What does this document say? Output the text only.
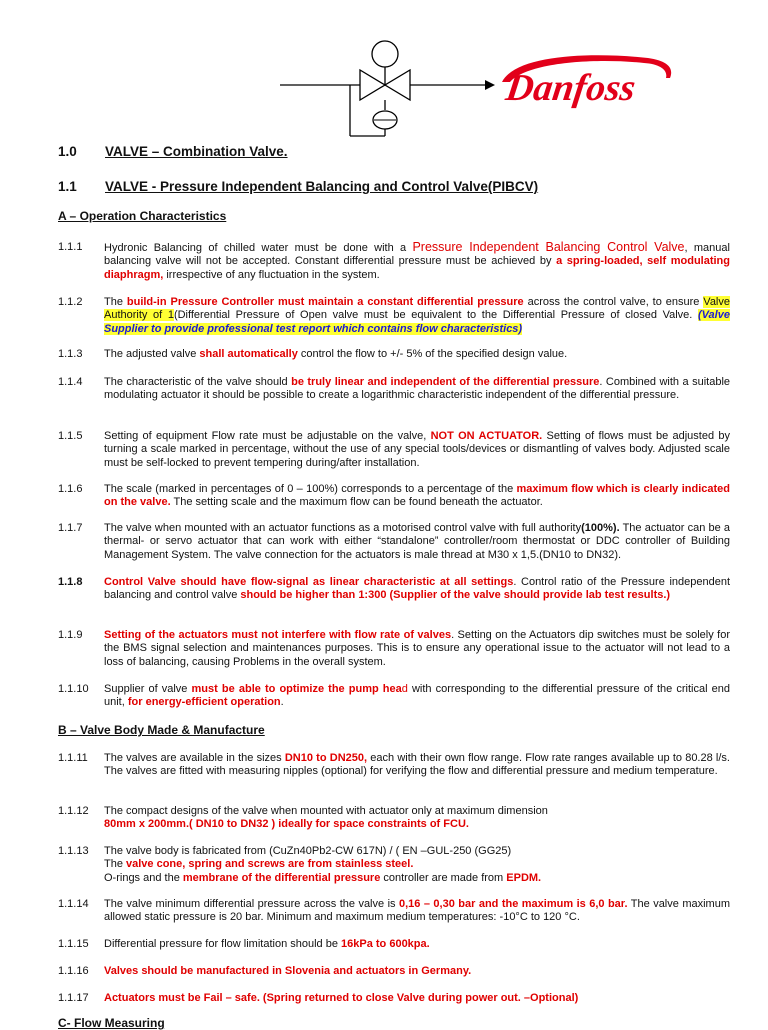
Danfoss
1.0 VALVE – Combination Valve.
1.1 VALVE - Pressure Independent Balancing and Control Valve(PIBCV)
A – Operation Characteristics
1.1.1 Hydronic Balancing of chilled water must be done with a Pressure Independent Balancing Control Valve, manual balancing valve will not be accepted. Constant differential pressure must be achieved by a spring-loaded, self modulating diaphragm, irrespective of any fluctuation in the system.
1.1.2 The build-in Pressure Controller must maintain a constant differential pressure across the control valve, to ensure Valve Authority of 1(Differential Pressure of Open valve must be equivalent to the Differential Pressure of closed Valve. (Valve Supplier to provide professional test report which contains flow characteristics)
1.1.3 The adjusted valve shall automatically control the flow to +/- 5% of the specified design value.
1.1.4 The characteristic of the valve should be truly linear and independent of the differential pressure. Combined with a suitable modulating actuator it should be possible to create a logarithmic characteristic independent of the differential pressure.
1.1.5 Setting of equipment Flow rate must be adjustable on the valve, NOT ON ACTUATOR. Setting of flows must be adjusted by turning a scale marked in percentage, without the use of any special tools/devices or dismantling of valves body. Adjusted scale must be self-locked to prevent tempering during/after installation.
1.1.6 The scale (marked in percentages of 0 – 100%) corresponds to a percentage of the maximum flow which is clearly indicated on the valve. The setting scale and the maximum flow can be found beneath the actuator.
1.1.7 The valve when mounted with an actuator functions as a motorised control valve with full authority(100%). The actuator can be a thermal- or servo actuator that can work with either “standalone” controller/room thermostat or DDC controller of Building Management System. The valve connection for the actuators is male thread at M30 x 1,5.(DN10 to DN32).
1.1.8 Control Valve should have flow-signal as linear characteristic at all settings. Control ratio of the Pressure independent balancing and control valve should be higher than 1:300 (Supplier of the valve should provide lab test results.)
1.1.9 Setting of the actuators must not interfere with flow rate of valves. Setting on the Actuators dip switches must be solely for the BMS signal selection and maintenances purposes. This is to ensure any operational issue to the actuator will not lead to a loss of balancing, causing Problems in the overall system.
1.1.10 Supplier of valve must be able to optimize the pump head with corresponding to the differential pressure of the critical end unit, for energy-efficient operation.
B – Valve Body Made & Manufacture
1.1.11 The valves are available in the sizes DN10 to DN250, each with their own flow range. Flow rate ranges available up to 80.28 l/s. The valves are fitted with measuring nipples (optional) for verifying the flow and differential pressure and medium temperature.
1.1.12 The compact designs of the valve when mounted with actuator only at maximum dimension
80mm x 200mm.( DN10 to DN32 ) ideally for space constraints of FCU.
1.1.13 The valve body is fabricated from (CuZn40Pb2-CW 617N) / ( EN –GUL-250 (GG25)
The valve cone, spring and screws are from stainless steel.
O-rings and the membrane of the differential pressure controller are made from EPDM.
1.1.14 The valve minimum differential pressure across the valve is 0,16 – 0,30 bar and the maximum is 6,0 bar. The valve maximum allowed static pressure is 20 bar. Minimum and maximum medium temperatures: -10°C to 120 °C.
1.1.15 Differential pressure for flow limitation should be 16kPa to 600kpa.
1.1.16 Valves should be manufactured in Slovenia and actuators in Germany.
1.1.17 Actuators must be Fail – safe. (Spring returned to close Valve during power out. –Optional)
C- Flow Measuring
